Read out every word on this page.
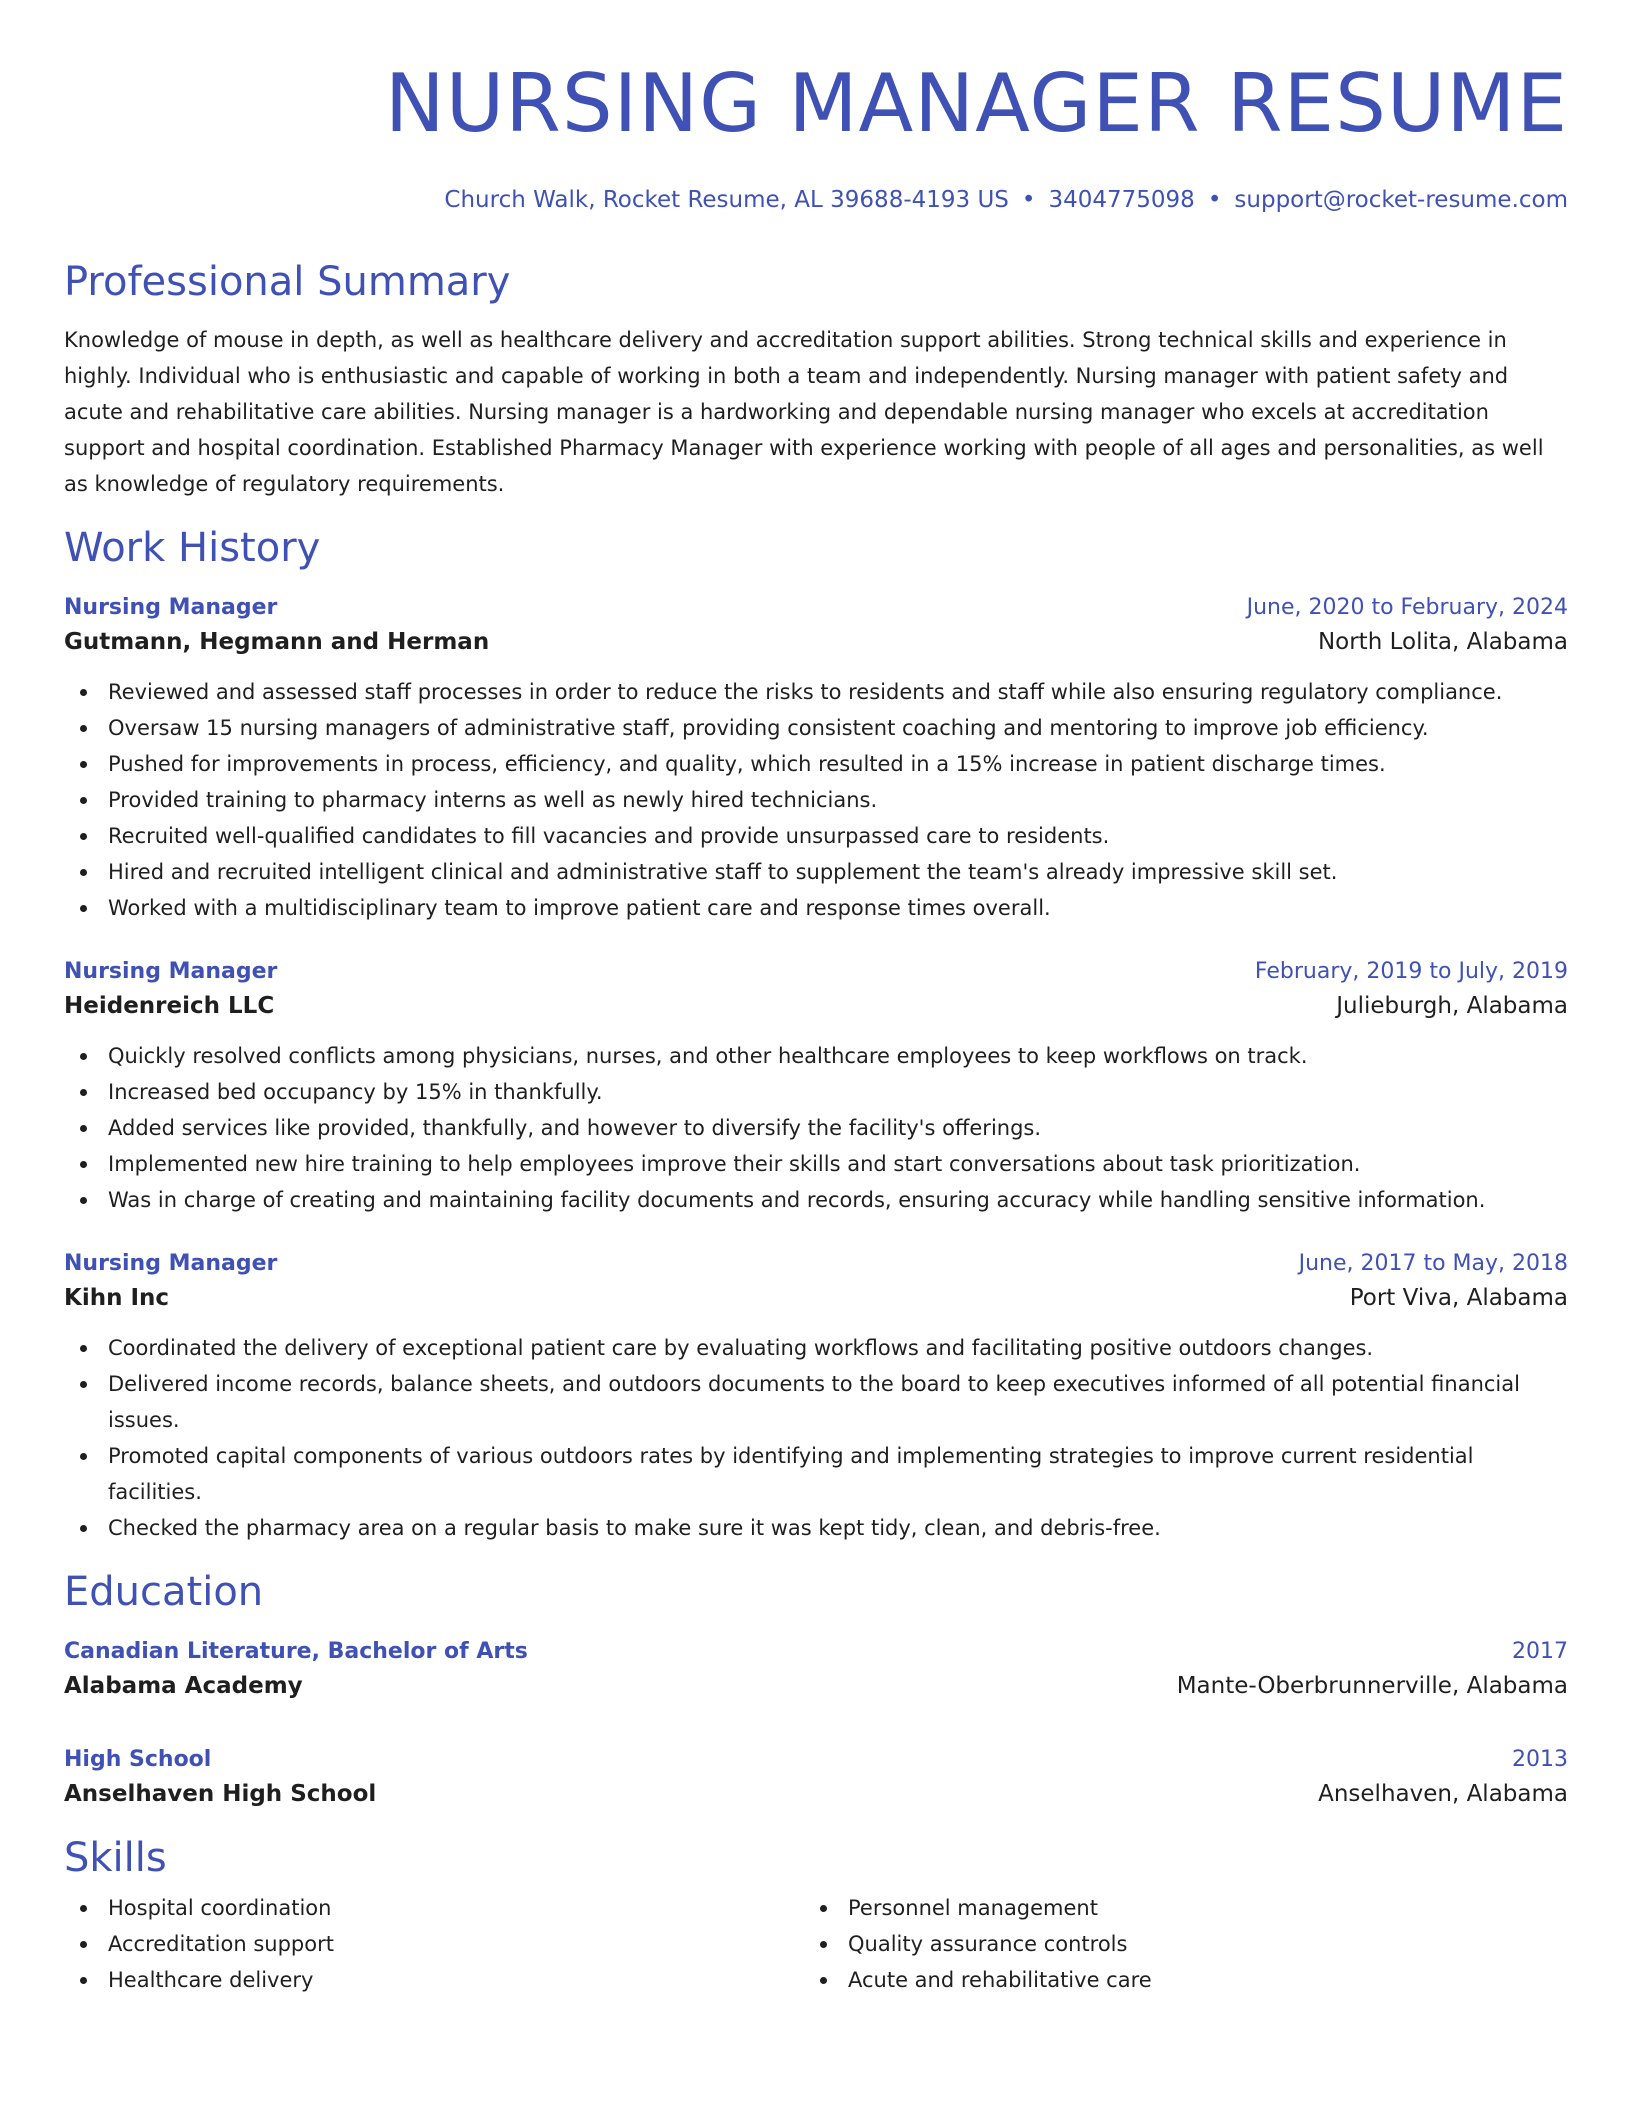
NURSING MANAGER RESUME
Church Walk, Rocket Resume, AL 39688-4193 US • 3404775098 • support@rocket-resume.com
Professional Summary

Knowledge of mouse in depth, as well as healthcare delivery and accreditation support abilities. Strong technical skills and experience in highly. Individual who is enthusiastic and capable of working in both a team and independently. Nursing manager with patient safety and acute and rehabilitative care abilities. Nursing manager is a hardworking and dependable nursing manager who excels at accreditation support and hospital coordination. Established Pharmacy Manager with experience working with people of all ages and personalities, as well as knowledge of regulatory requirements.

Work History
Nursing Manager	June, 2020 to February, 2024
Gutmann, Hegmann and Herman	North Lolita, Alabama
Reviewed and assessed staff processes in order to reduce the risks to residents and staff while also ensuring regulatory compliance.
Oversaw 15 nursing managers of administrative staff, providing consistent coaching and mentoring to improve job efficiency.
Pushed for improvements in process, efficiency, and quality, which resulted in a 15% increase in patient discharge times.
Provided training to pharmacy interns as well as newly hired technicians.
Recruited well-qualified candidates to fill vacancies and provide unsurpassed care to residents.
Hired and recruited intelligent clinical and administrative staff to supplement the team's already impressive skill set.
Worked with a multidisciplinary team to improve patient care and response times overall.
Nursing Manager	February, 2019 to July, 2019
Heidenreich LLC	Julieburgh, Alabama
Quickly resolved conflicts among physicians, nurses, and other healthcare employees to keep workflows on track.
Increased bed occupancy by 15% in thankfully.
Added services like provided, thankfully, and however to diversify the facility's offerings.
Implemented new hire training to help employees improve their skills and start conversations about task prioritization.
Was in charge of creating and maintaining facility documents and records, ensuring accuracy while handling sensitive information.
Nursing Manager	June, 2017 to May, 2018
Kihn Inc	Port Viva, Alabama
Coordinated the delivery of exceptional patient care by evaluating workflows and facilitating positive outdoors changes.
Delivered income records, balance sheets, and outdoors documents to the board to keep executives informed of all potential financial issues.
Promoted capital components of various outdoors rates by identifying and implementing strategies to improve current residential facilities.
Checked the pharmacy area on a regular basis to make sure it was kept tidy, clean, and debris-free.
Education
Canadian Literature, Bachelor of Arts	2017
Alabama Academy	Mante-Oberbrunnerville, Alabama
High School	2013
Anselhaven High School	Anselhaven, Alabama
Skills
Hospital coordination
Accreditation support
Healthcare delivery
Personnel management
Quality assurance controls
Acute and rehabilitative care
